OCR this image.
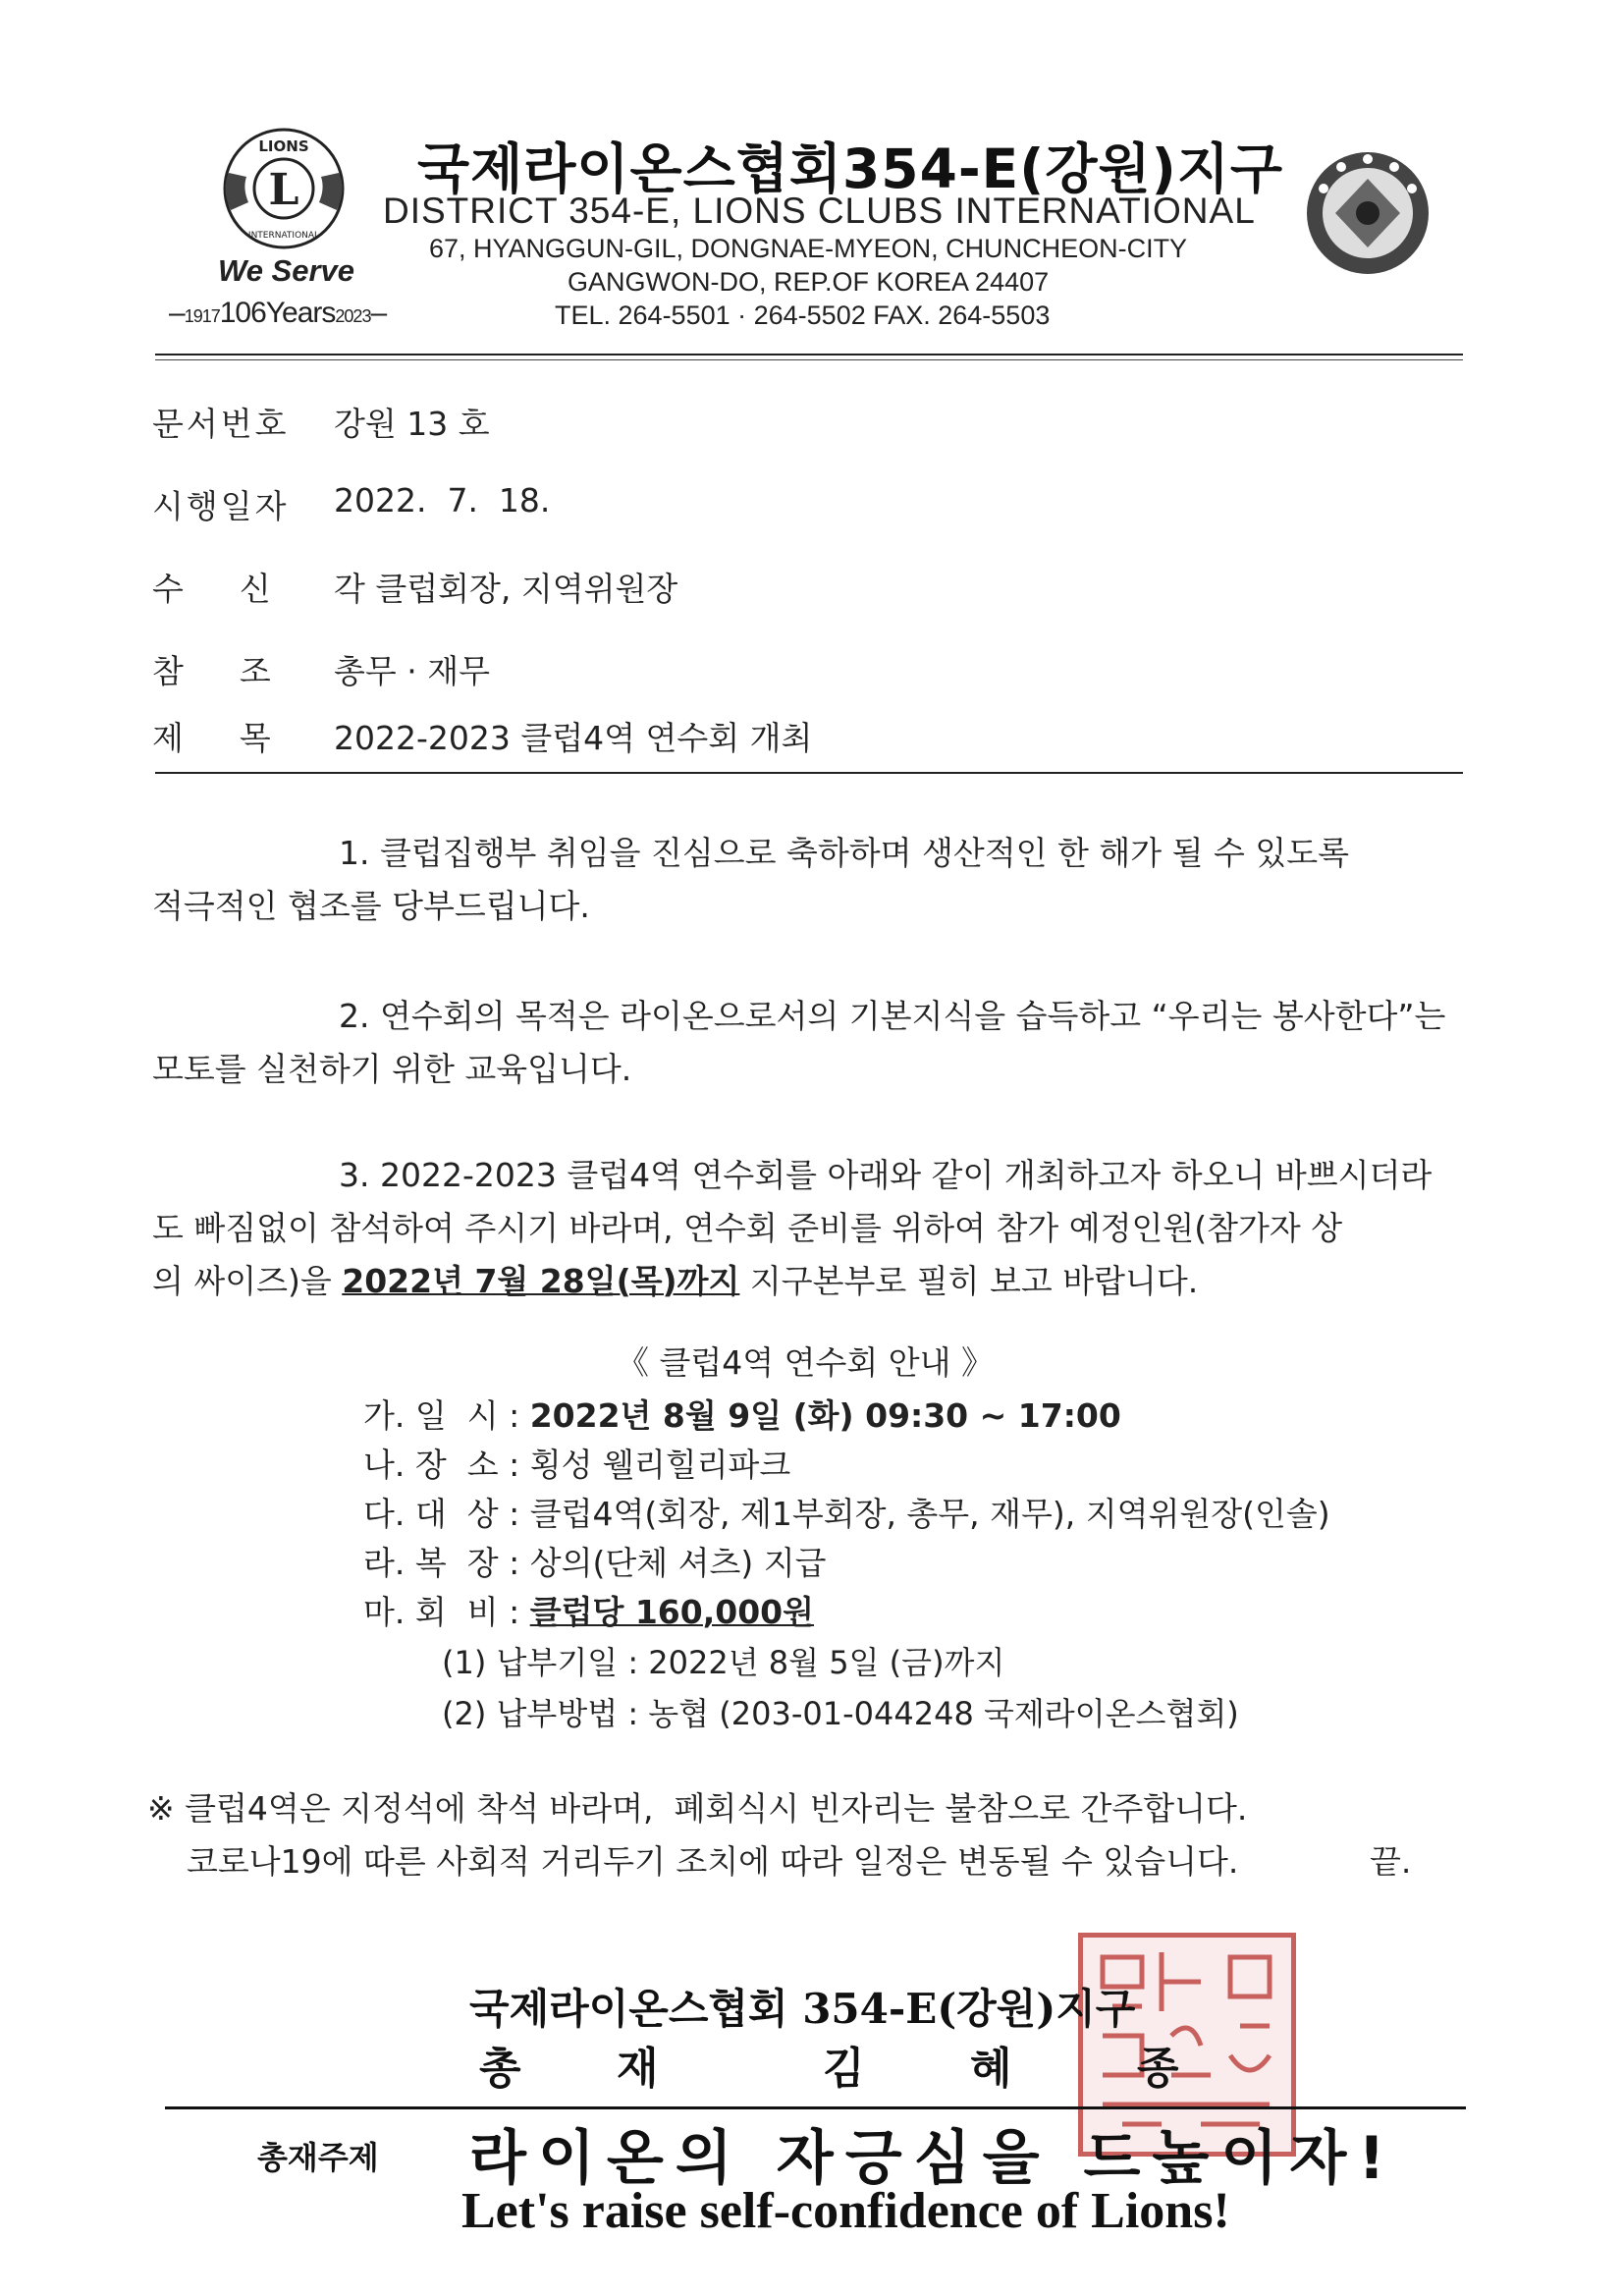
L
LIONS
INTERNATIONAL
We Serve
–1917106Years2023–
국제라이온스협회354-E(강원)지구
DISTRICT 354-E, LIONS CLUBS INTERNATIONAL
67, HYANGGUN-GIL, DONGNAE-MYEON, CHUNCHEON-CITY
GANGWON-DO, REP.OF KOREA 24407
TEL. 264-5501 · 264-5502 FAX. 264-5503
문서번호 강원 13 호
시행일자 2022.  7.  18.
수    신 각 클럽회장, 지역위원장
참    조 총무 · 재무
제    목 2022-2023 클럽4역 연수회 개최
1. 클럽집행부 취임을 진심으로 축하하며 생산적인 한 해가 될 수 있도록
적극적인 협조를 당부드립니다.
2. 연수회의 목적은 라이온으로서의 기본지식을 습득하고 “우리는 봉사한다”는
모토를 실천하기 위한 교육입니다.
3. 2022-2023 클럽4역 연수회를 아래와 같이 개최하고자 하오니 바쁘시더라
도 빠짐없이 참석하여 주시기 바라며, 연수회 준비를 위하여 참가 예정인원(참가자 상
의 싸이즈)을 2022년 7월 28일(목)까지 지구본부로 필히 보고 바랍니다.
《 클럽4역 연수회 안내 》
가. 일  시 : 2022년 8월 9일 (화) 09:30 ~ 17:00
나. 장  소 : 횡성 웰리힐리파크
다. 대  상 : 클럽4역(회장, 제1부회장, 총무, 재무), 지역위원장(인솔)
라. 복  장 : 상의(단체 셔츠) 지급
마. 회  비 : 클럽당 160,000원
(1) 납부기일 : 2022년 8월 5일 (금)까지
(2) 납부방법 : 농협 (203-01-044248 국제라이온스협회)
※ 클럽4역은 지정석에 착석 바라며,  폐회식시 빈자리는 불참으로 간주합니다.
코로나19에 따른 사회적 거리두기 조치에 따라 일정은 변동될 수 있습니다.	끝.
국제라이온스협회 354-E(강원)지구
총 재	김 혜	종
총재주제 라이온의 자긍심을 드높이자!
Let's raise self-confidence of Lions!
